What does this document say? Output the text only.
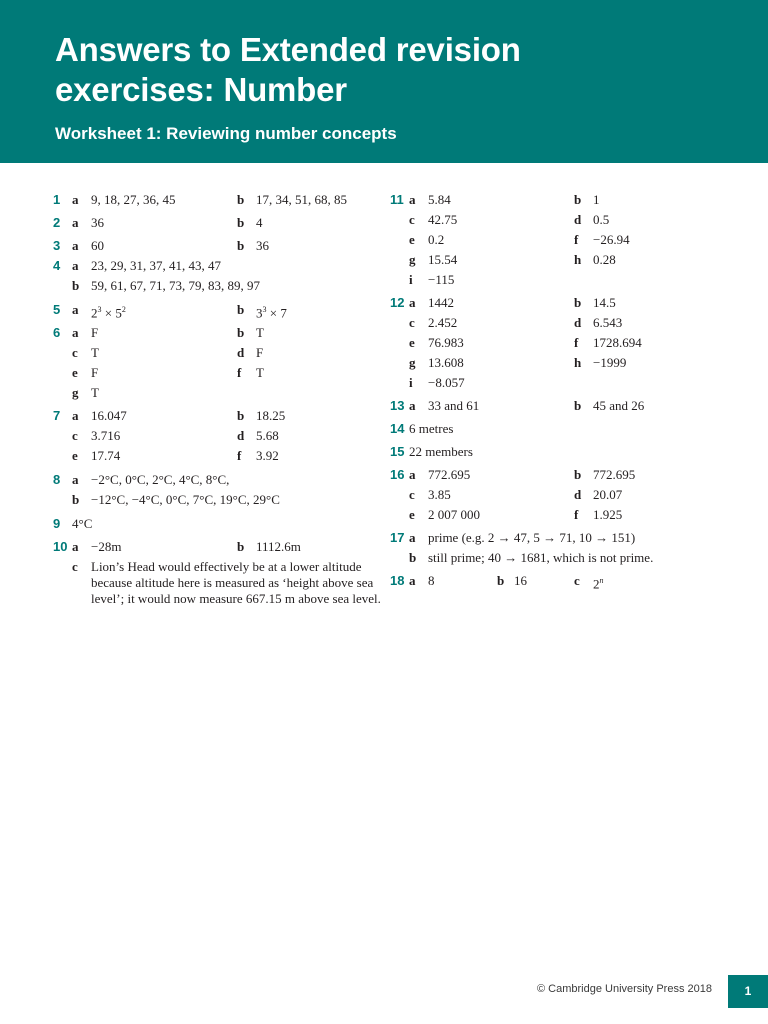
Answers to Extended revision
exercises: Number
Worksheet 1: Reviewing number concepts
1 a 9, 18, 27, 36, 45	b 17, 34, 51, 68, 85
2 a 36	b 4
3 a 60	b 36
4 a 23, 29, 31, 37, 41, 43, 47
b 59, 61, 67, 71, 73, 79, 83, 89, 97
5 a $2^3 \times 5^2$	b $3^3 \times 7$
6 a F	b T
c T	d F
e F	f T
g T
7 a 16.047	b 18.25
c 3.716	d 5.68
e 17.74	f 3.92
8 a −2°C, 0°C, 2°C, 4°C, 8°C,
b −12°C, −4°C, 0°C, 7°C, 19°C, 29°C
9 4°C
10 a −28m	b 1112.6m
c Lion’s Head would effectively be at a lower altitude because altitude here is measured as ‘height above sea level’; it would now measure 667.15 m above sea level.
11 a 5.84	b 1
c 42.75	d 0.5
e 0.2	f −26.94
g 15.54	h 0.28
i −115
12 a 1442	b 14.5
c 2.452	d 6.543
e 76.983	f 1728.694
g 13.608	h −1999
i −8.057
13 a 33 and 61	b 45 and 26
14 6 metres
15 22 members
16 a 772.695	b 772.695
c 3.85	d 20.07
e 2 007 000	f 1.925
17 a prime (e.g. 2 → 47, 5 → 71, 10 → 151)
b still prime; 40 → 1681, which is not prime.
18 a 8	b 16	c 2$^n$
© Cambridge University Press 2018	1
